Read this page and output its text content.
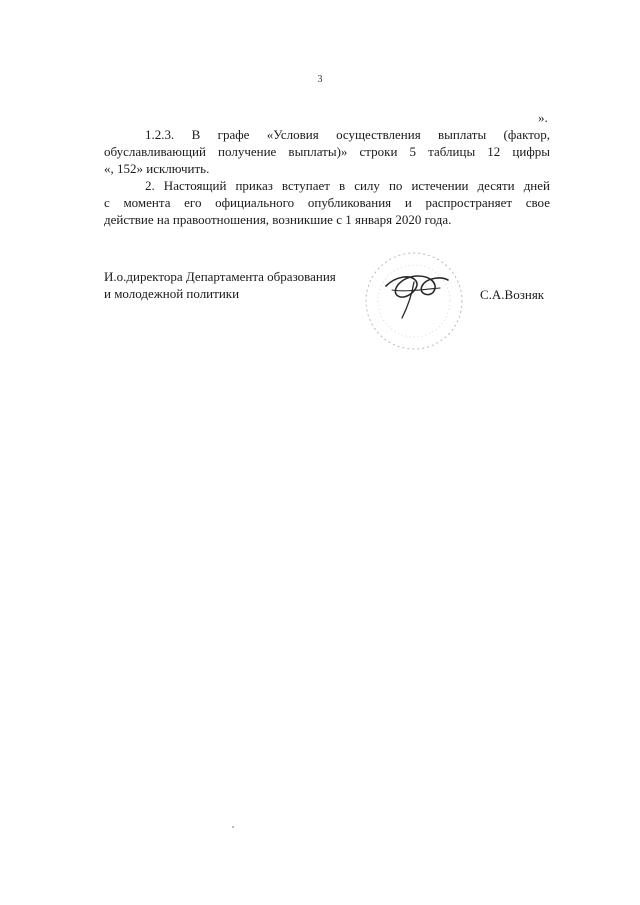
3
».
1.2.3. В графе «Условия осуществления выплаты (фактор,
обуславливающий получение выплаты)» строки 5 таблицы 12 цифры
«, 152» исключить.
2. Настоящий приказ вступает в силу по истечении десяти дней
с момента его официального опубликования и распространяет свое
действие на правоотношения, возникшие с 1 января 2020 года.
И.о.директора Департамента образования
и молодежной политики	С.А.Возняк
